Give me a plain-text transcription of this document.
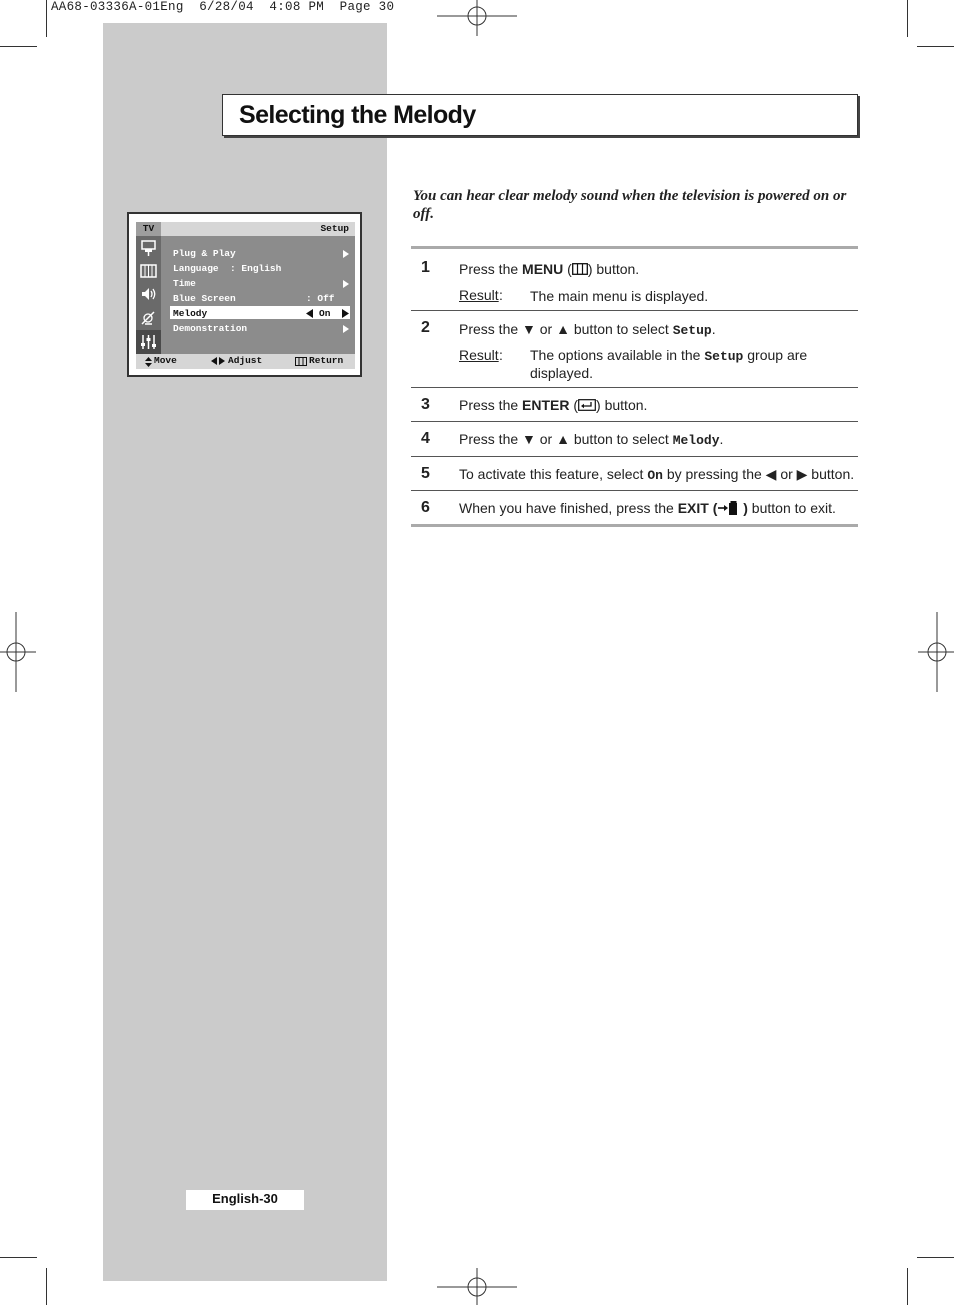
AA68-03336A-01Eng  6/28/04  4:08 PM  Page 30
Selecting the Melody
You can hear clear melody sound when the television is powered on or off.
TV	Setup
Plug & Play
Language  : English
Time
Blue Screen	: Off
Melody	On
Demonstration
Move	Adjust	Return
1 Press the MENU ( ) button.
Result : The main menu is displayed.
2 Press the ▼ or ▲ button to select Setup.
Result : The options available in the Setup group are displayed.
3 Press the ENTER ( ) button.
4 Press the ▼ or ▲ button to select Melody.
5 To activate this feature, select On by pressing the ◀ or ▶ button.
6 When you have finished, press the EXIT ( ) button to exit.
English-30
